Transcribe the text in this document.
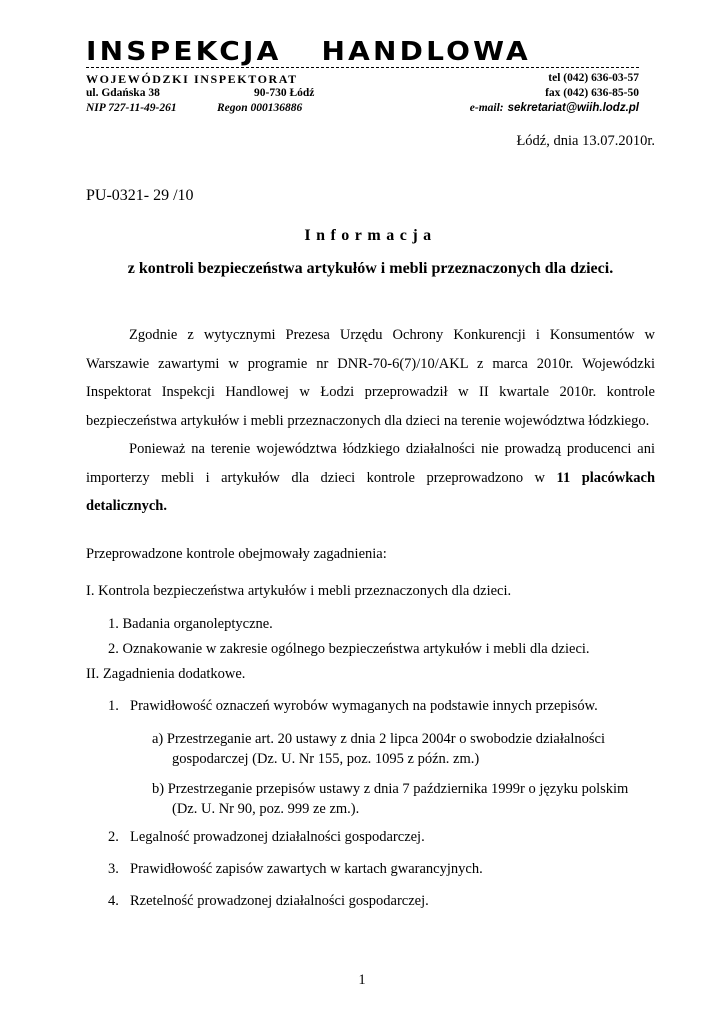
INSPEKCJA HANDLOWA
WOJEWÓDZKI INSPEKTORAT	tel (042) 636-03-57
ul. Gdańska 38	90-730 Łódź	fax (042) 636-85-50
NIP 727-11-49-261	Regon 000136886	e-mail: sekretariat@wiih.lodz.pl
Łódź, dnia 13.07.2010r.
PU-0321- 29 /10
Informacja
z kontroli bezpieczeństwa artykułów i mebli przeznaczonych dla dzieci.
Zgodnie z wytycznymi Prezesa Urzędu Ochrony Konkurencji i Konsumentów w Warszawie zawartymi w programie nr DNR-70-6(7)/10/AKL z marca 2010r. Wojewódzki Inspektorat Inspekcji Handlowej w Łodzi przeprowadził w II kwartale 2010r. kontrole bezpieczeństwa artykułów i mebli przeznaczonych dla dzieci na terenie województwa łódzkiego.
Ponieważ na terenie województwa łódzkiego działalności nie prowadzą producenci ani importerzy mebli i artykułów dla dzieci kontrole przeprowadzono w 11 placówkach detalicznych.
Przeprowadzone kontrole obejmowały zagadnienia:
I. Kontrola bezpieczeństwa artykułów i mebli przeznaczonych dla dzieci.
1. Badania organoleptyczne.
2. Oznakowanie w zakresie ogólnego bezpieczeństwa artykułów i mebli dla dzieci.
II. Zagadnienia dodatkowe.
1. Prawidłowość oznaczeń wyrobów wymaganych na podstawie innych przepisów.
a) Przestrzeganie art. 20 ustawy z dnia 2 lipca 2004r o swobodzie działalności
gospodarczej (Dz. U. Nr 155, poz. 1095 z późn. zm.)
b) Przestrzeganie przepisów ustawy z dnia 7 października 1999r o języku polskim
(Dz. U. Nr 90, poz. 999 ze zm.).
2. Legalność prowadzonej działalności gospodarczej.
3. Prawidłowość zapisów zawartych w kartach gwarancyjnych.
4. Rzetelność prowadzonej działalności gospodarczej.
1
